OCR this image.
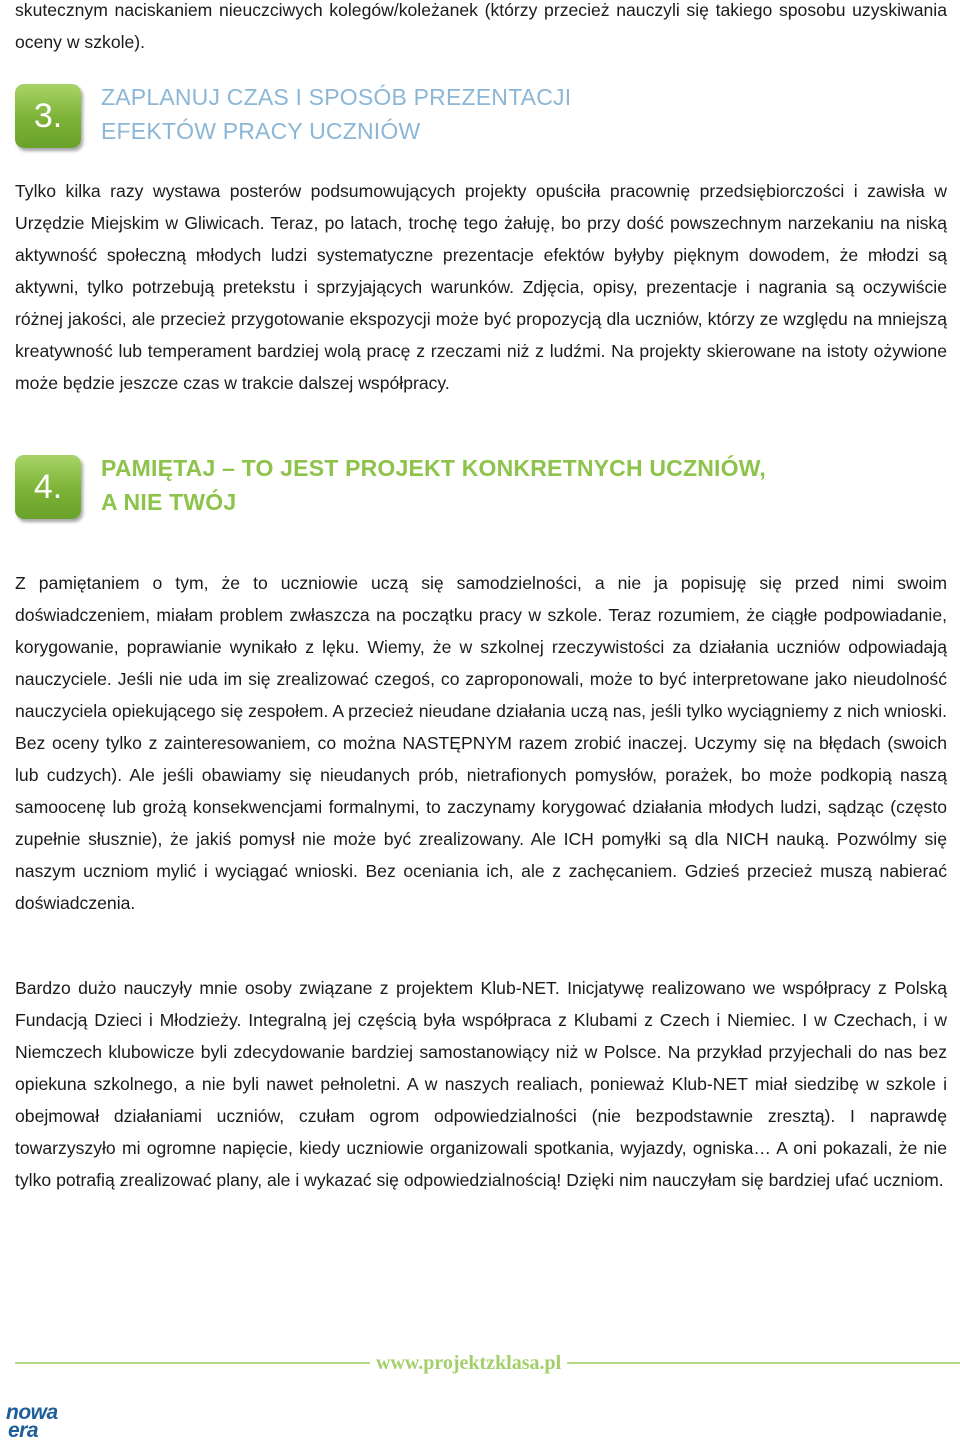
skutecznym naciskaniem nieuczciwych kolegów/koleżanek (którzy przecież nauczyli się takiego sposobu uzyskiwania oceny w szkole).

3.	ZAPLANUJ CZAS I SPOSÓB PREZENTACJI
EFEKTÓW PRACY UCZNIÓW

Tylko kilka razy wystawa posterów podsumowujących projekty opuściła pracownię przedsiębiorczości i zawisła w Urzędzie Miejskim w Gliwicach. Teraz, po latach, trochę tego żałuję, bo przy dość powszechnym narzekaniu na niską aktywność społeczną młodych ludzi systematyczne prezentacje efektów byłyby pięknym dowodem, że młodzi są aktywni, tylko potrzebują pretekstu i sprzyjających warunków. Zdjęcia, opisy, prezentacje i nagrania są oczywiście różnej jakości, ale przecież przygotowanie ekspozycji może być propozycją dla uczniów, którzy ze względu na mniejszą kreatywność lub temperament bardziej wolą pracę z rzeczami niż z ludźmi. Na projekty skierowane na istoty ożywione może będzie jeszcze czas w trakcie dalszej współpracy.

4.	PAMIĘTAJ – TO JEST PROJEKT KONKRETNYCH UCZNIÓW,
A NIE TWÓJ

Z pamiętaniem o tym, że to uczniowie uczą się samodzielności, a nie ja popisuję się przed nimi swoim doświadczeniem, miałam problem zwłaszcza na początku pracy w szkole. Teraz rozumiem, że ciągłe podpowiadanie, korygowanie, poprawianie wynikało z lęku. Wiemy, że w szkolnej rzeczywistości za działania uczniów odpowiadają nauczyciele. Jeśli nie uda im się zrealizować czegoś, co zaproponowali, może to być interpretowane jako nieudolność nauczyciela opiekującego się zespołem. A przecież nieudane działania uczą nas, jeśli tylko wyciągniemy z nich wnioski. Bez oceny tylko z zainteresowaniem, co można NASTĘPNYM razem zrobić inaczej. Uczymy się na błędach (swoich lub cudzych). Ale jeśli obawiamy się nieudanych prób, nietrafionych pomysłów, porażek, bo może podkopią naszą samoocenę lub grożą konsekwencjami formalnymi, to zaczynamy korygować działania młodych ludzi, sądząc (często zupełnie słusznie), że jakiś pomysł nie może być zrealizowany. Ale ICH pomyłki są dla NICH nauką. Pozwólmy się naszym uczniom mylić i wyciągać wnioski. Bez oceniania ich, ale z zachęcaniem. Gdzieś przecież muszą nabierać doświadczenia.

Bardzo dużo nauczyły mnie osoby związane z projektem Klub-NET. Inicjatywę realizowano we współpracy z Polską Fundacją Dzieci i Młodzieży. Integralną jej częścią była współpraca z Klubami z Czech i Niemiec. I w Czechach, i w Niemczech klubowicze byli zdecydowanie bardziej samostanowiący niż w Polsce. Na przykład przyjechali do nas bez opiekuna szkolnego, a nie byli nawet pełnoletni. A w naszych realiach, ponieważ Klub-NET miał siedzibę w szkole i obejmował działaniami uczniów, czułam ogrom odpowiedzialności (nie bezpodstawnie zresztą). I naprawdę towarzyszyło mi ogromne napięcie, kiedy uczniowie organizowali spotkania, wyjazdy, ogniska… A oni pokazali, że nie tylko potrafią zrealizować plany, ale i wykazać się odpowiedzialnością! Dzięki nim nauczyłam się bardziej ufać uczniom.

www.projektzklasa.pl
nowa
era
